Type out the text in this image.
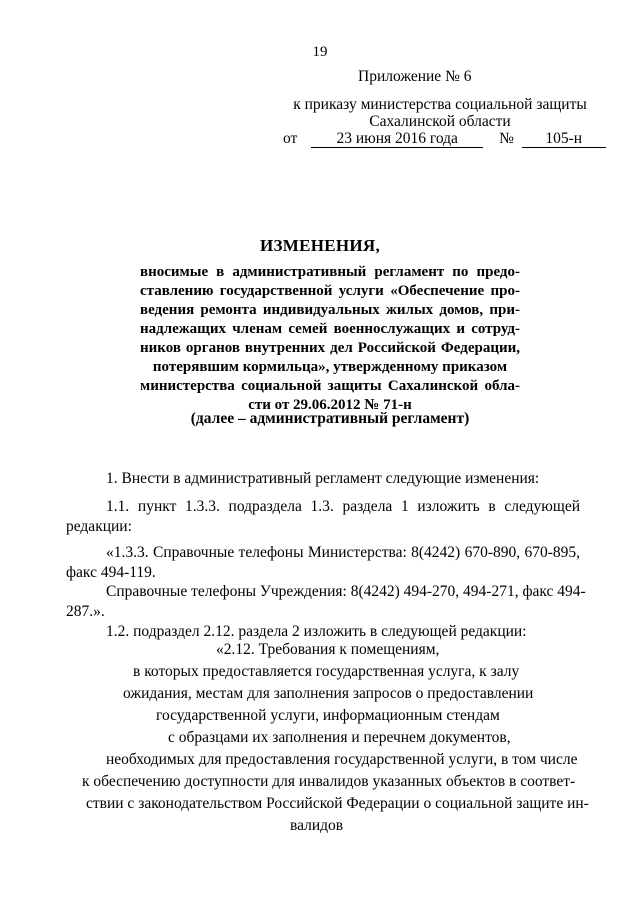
19
Приложение № 6
к приказу министерства социальной защиты
Сахалинской области
от	23 июня 2016 года	№ 105-н
ИЗМЕНЕНИЯ,
вносимые в административный регламент по предо-
ставлению государственной услуги «Обеспечение про-
ведения ремонта индивидуальных жилых домов, при-
надлежащих членам семей военнослужащих и сотруд-
ников органов внутренних дел Российской Федерации,
потерявшим кормильца», утвержденному приказом
министерства социальной защиты Сахалинской обла-
сти от 29.06.2012 № 71-н
(далее – административный регламент)
1. Внести в административный регламент следующие изменения:
1.1. пункт 1.3.3. подраздела 1.3. раздела 1 изложить в следующей
редакции:
«1.3.3. Справочные телефоны Министерства: 8(4242) 670-890, 670-895,
факс 494-119.
Справочные телефоны Учреждения: 8(4242) 494-270, 494-271, факс 494-
287.».
1.2. подраздел 2.12. раздела 2 изложить в следующей редакции:
«2.12. Требования к помещениям,
в которых предоставляется государственная услуга, к залу
ожидания, местам для заполнения запросов о предоставлении
государственной услуги, информационным стендам
с образцами их заполнения и перечнем документов,
необходимых для предоставления государственной услуги, в том числе
к обеспечению доступности для инвалидов указанных объектов в соответ-
ствии с законодательством Российской Федерации о социальной защите ин-
валидов
